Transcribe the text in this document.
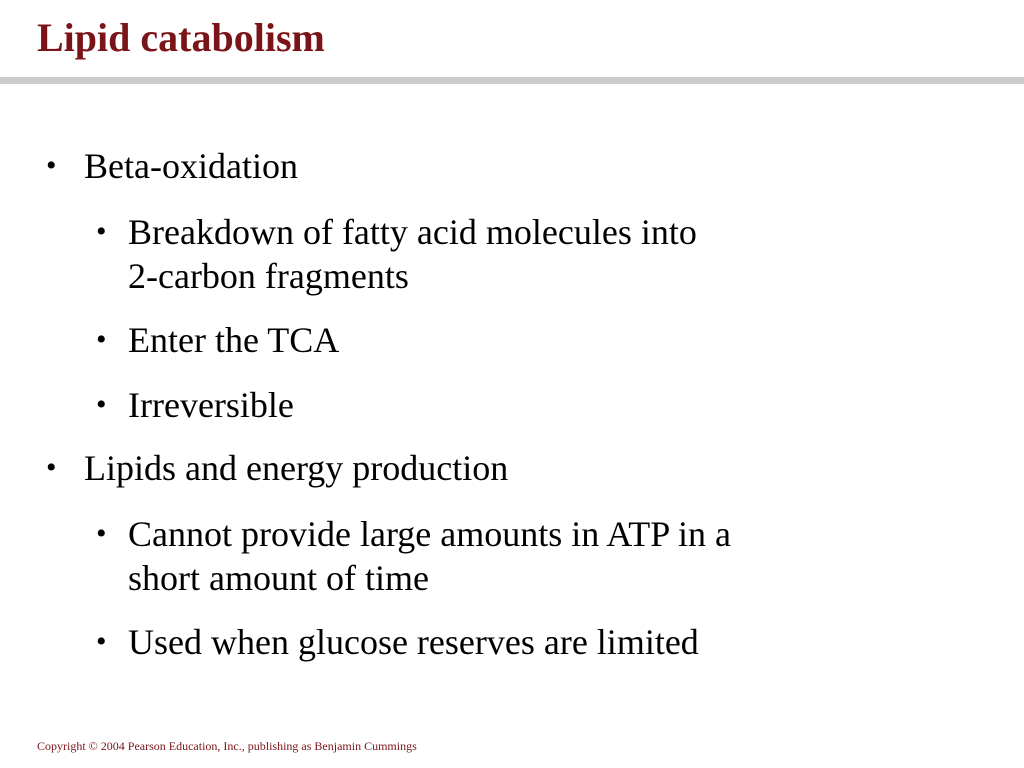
Lipid catabolism
• Beta-oxidation
• Breakdown of fatty acid molecules into
2-carbon fragments
• Enter the TCA
• Irreversible
• Lipids and energy production
• Cannot provide large amounts in ATP in a
short amount of time
• Used when glucose reserves are limited
Copyright © 2004 Pearson Education, Inc., publishing as Benjamin Cummings
